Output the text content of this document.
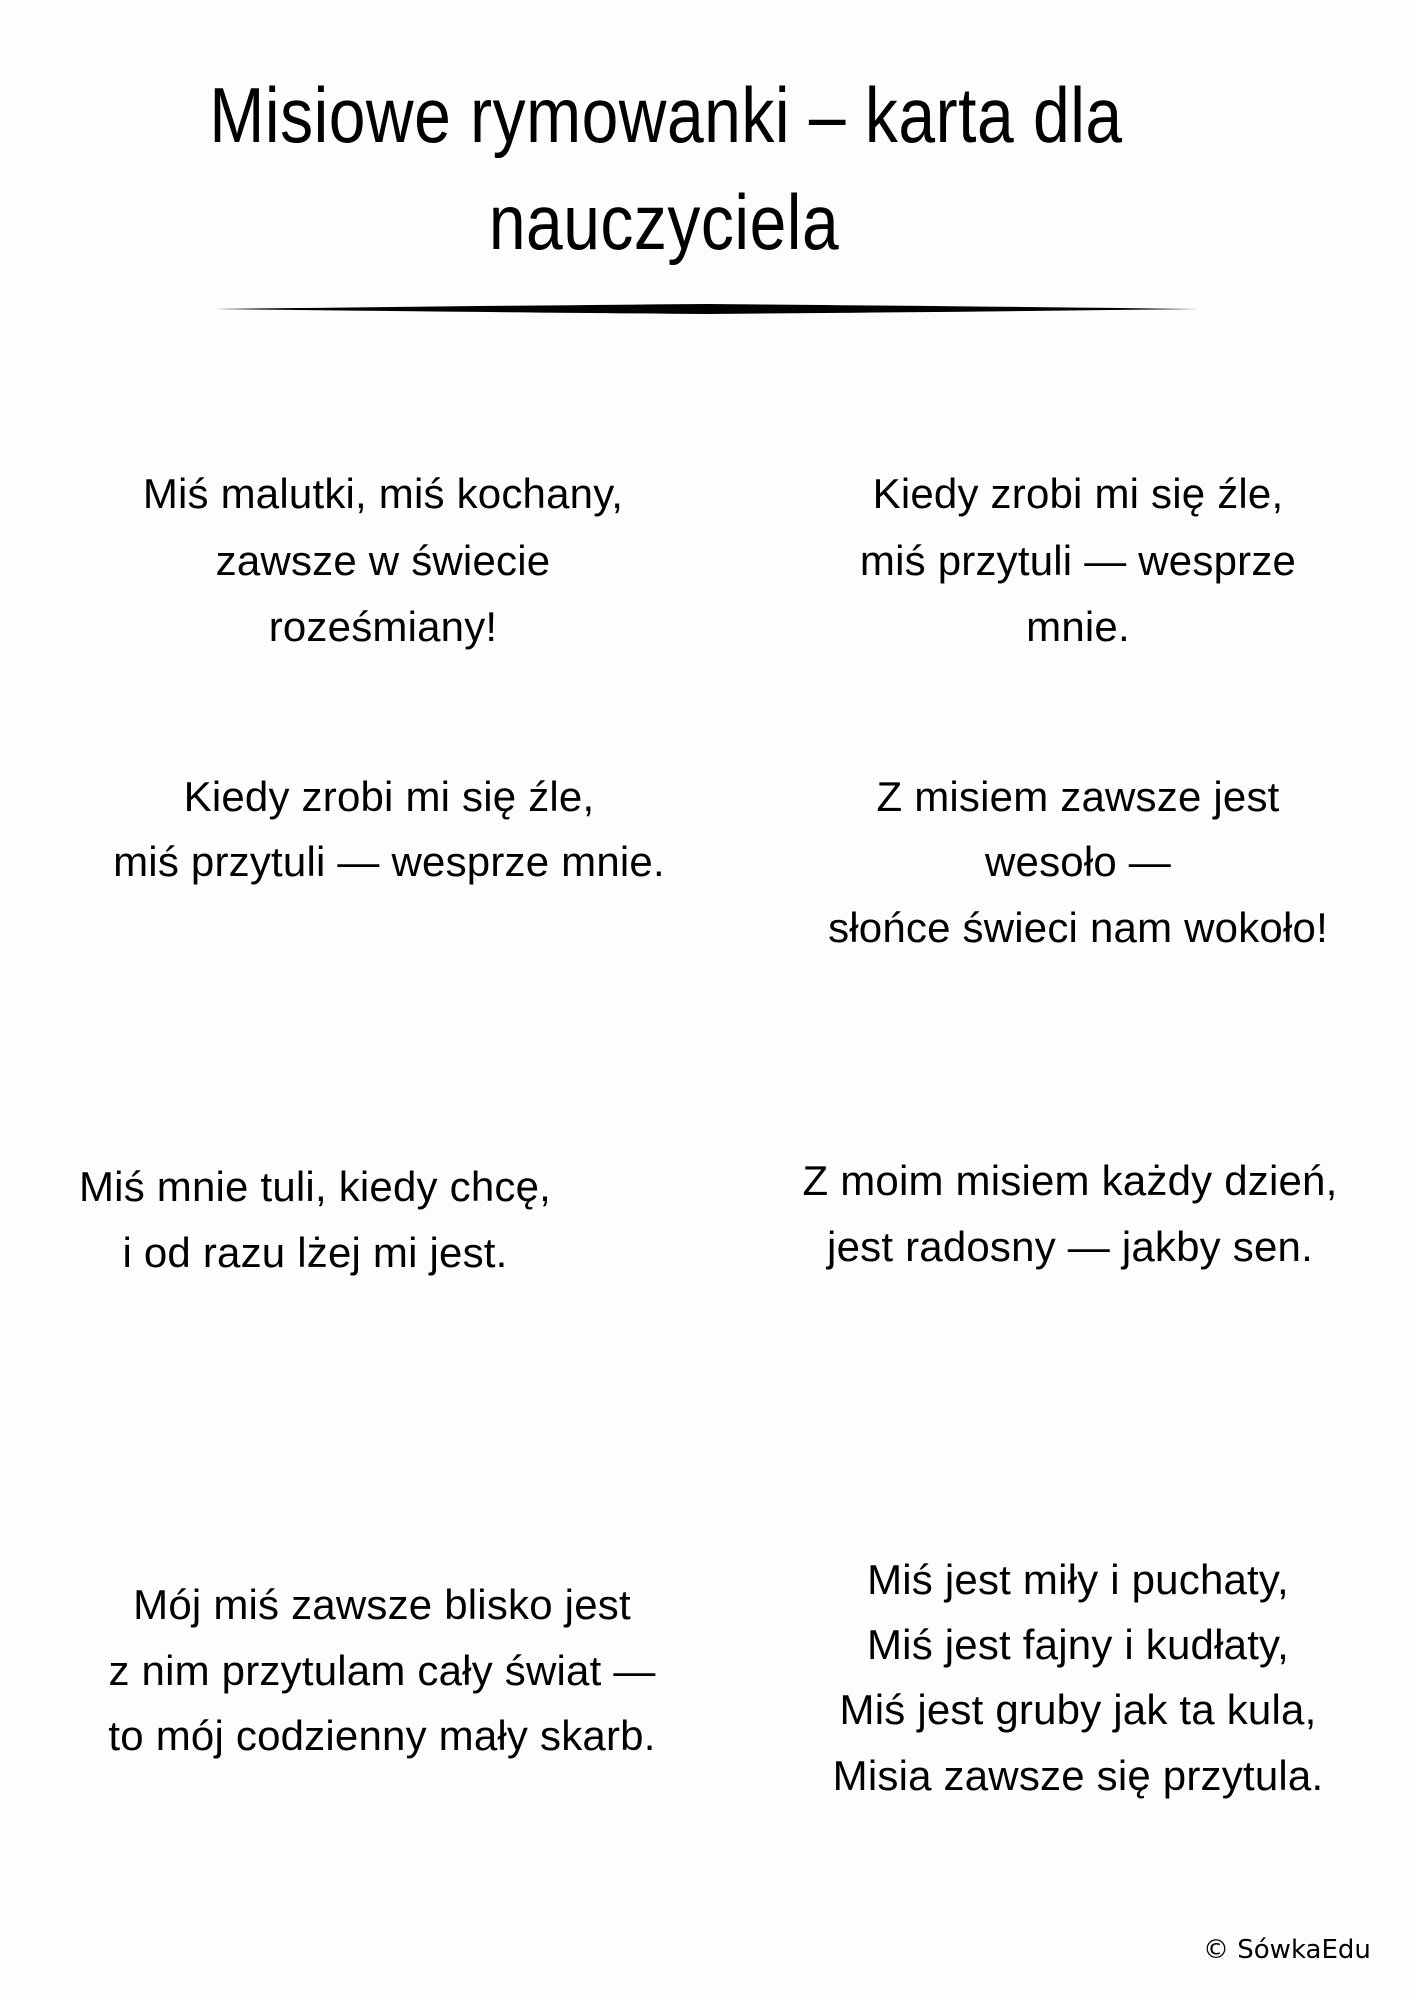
Misiowe rymowanki – karta dla
nauczyciela
Miś malutki, miś kochany,
zawsze w świecie
roześmiany!
Kiedy zrobi mi się źle,
miś przytuli — wesprze
mnie.
Kiedy zrobi mi się źle,
miś przytuli — wesprze mnie.
Z misiem zawsze jest
wesoło —
słońce świeci nam wokoło!
Miś mnie tuli, kiedy chcę,
i od razu lżej mi jest.
Z moim misiem każdy dzień,
jest radosny — jakby sen.
Mój miś zawsze blisko jest
z nim przytulam cały świat —
to mój codzienny mały skarb.
Miś jest miły i puchaty,
Miś jest fajny i kudłaty,
Miś jest gruby jak ta kula,
Misia zawsze się przytula.
© SówkaEdu
